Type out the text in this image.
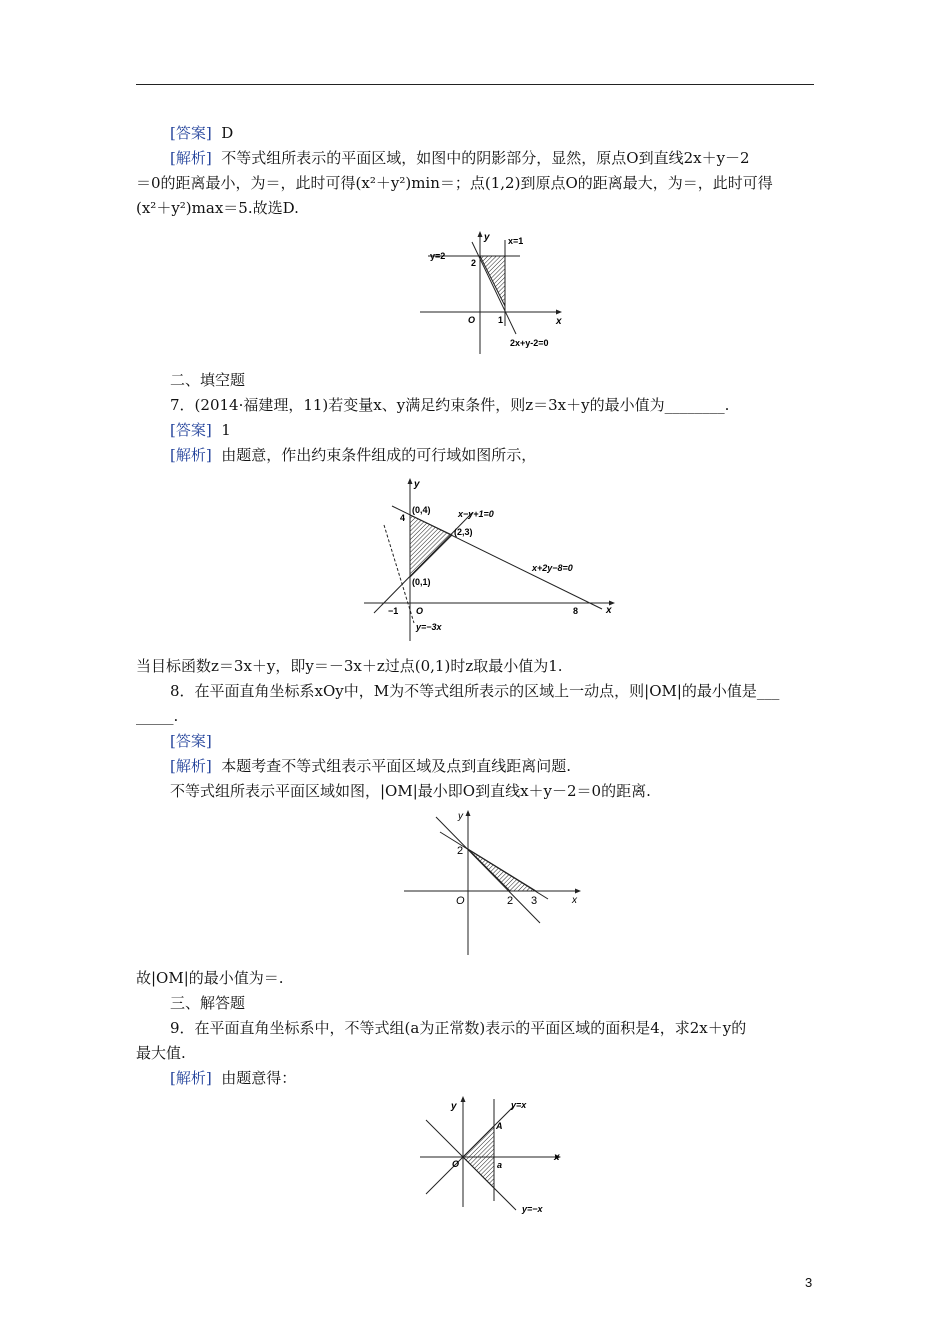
[答案] D
[解析] 不等式组所表示的平面区域，如图中的阴影部分，显然，原点O到直线2x＋y－2
＝0的距离最小，为＝，此时可得(x²＋y²)min＝；点(1,2)到原点O的距离最大，为＝，此时可得
(x²＋y²)max＝5.故选D.
y x=1
y=2
2
O	1	x
2x+y-2=0
二、填空题
7．(2014·福建理，11)若变量x、y满足约束条件，则z＝3x＋y的最小值为________.
[答案] 1
[解析] 由题意，作出约束条件组成的可行域如图所示，
y
(0,4)
4	x−y+1=0
(2,3)
x+2y−8=0
(0,1)
−1 O	8	x
y=−3x
当目标函数z＝3x＋y，即y＝－3x＋z过点(0,1)时z取最小值为1.
8．在平面直角坐标系xOy中，M为不等式组所表示的区域上一动点，则|OM|的最小值是___
_____.
[答案]
[解析] 本题考查不等式组表示平面区域及点到直线距离问题.
不等式组所表示平面区域如图，|OM|最小即O到直线x＋y－2＝0的距离.
y
2
O	2 3	x
故|OM|的最小值为＝.
三、解答题
9．在平面直角坐标系中，不等式组(a为正常数)表示的平面区域的面积是4，求2x＋y的
最大值.
[解析] 由题意得：
y	y=x
A
O	a
x
y=−x
3
